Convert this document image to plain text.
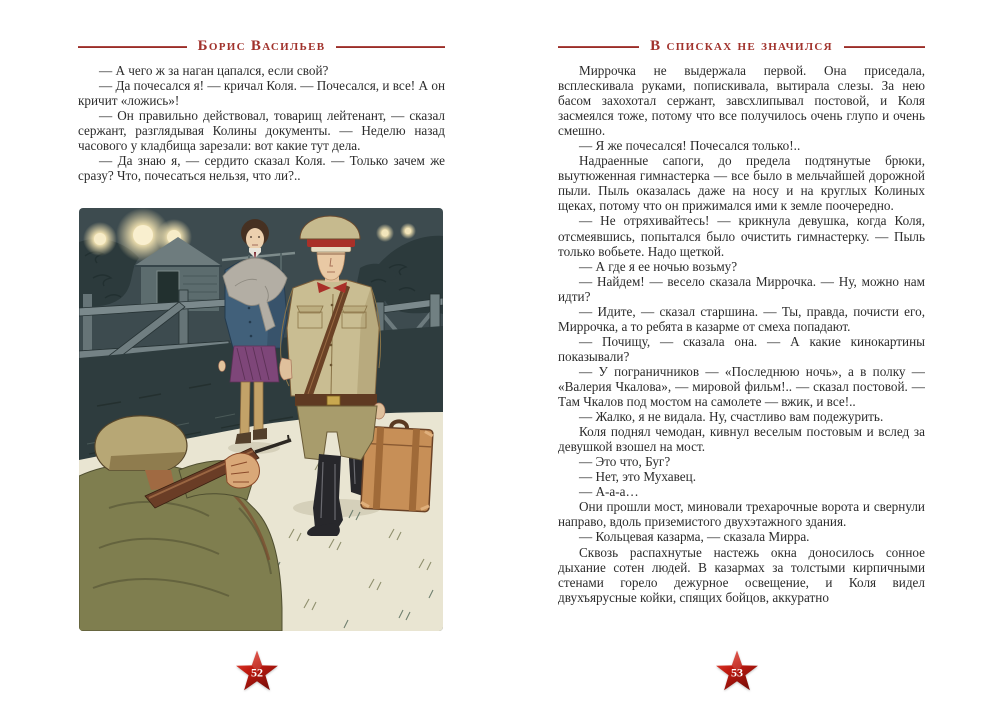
Борис Васильев	В списках не значился

— А чего ж за наган цапался, если свой?

— Да почесался я! — кричал Коля. — Почесался, и все! А он кричит «ложись»!

— Он правильно действовал, товарищ лейтенант, — сказал сержант, разглядывая Колины документы. — Неделю назад часового у кладбища зарезали: вот какие тут дела.

— Да знаю я, — сердито сказал Коля. — Только зачем же сразу? Что, почесаться нельзя, что ли?..

Миррочка не выдержала первой. Она приседала, всплескивала руками, попискивала, вытирала слезы. За нею басом захохотал сержант, завсхлипывал постовой, и Коля засмеялся тоже, потому что все получилось очень глупо и очень смешно.

— Я же почесался! Почесался только!..

Надраенные сапоги, до предела подтянутые брюки, выутюженная гимнастерка — все было в мельчайшей дорожной пыли. Пыль оказалась даже на носу и на круглых Колиных щеках, потому что он прижимался ими к земле поочередно.

— Не отряхивайтесь! — крикнула девушка, когда Коля, отсмеявшись, попытался было очистить гимнастерку. — Пыль только вобьете. Надо щеткой.

— А где я ее ночью возьму?

— Найдем! — весело сказала Миррочка. — Ну, можно нам идти?

— Идите, — сказал старшина. — Ты, правда, почисти его, Миррочка, а то ребята в казарме от смеха попадают.

— Почищу, — сказала она. — А какие кинокартины показывали?

— У пограничников — «Последнюю ночь», а в полку — «Валерия Чкалова», — мировой фильм!.. — сказал постовой. — Там Чкалов под мостом на самолете — вжик, и все!..

— Жалко, я не видала. Ну, счастливо вам подежурить.

Коля поднял чемодан, кивнул веселым постовым и вслед за девушкой взошел на мост.

— Это что, Буг?

— Нет, это Мухавец.

— А-а-а…

Они прошли мост, миновали трехарочные ворота и свернули направо, вдоль приземистого двухэтажного здания.

— Кольцевая казарма, — сказала Мирра.

Сквозь распахнутые настежь окна доносилось сонное дыхание сотен людей. В казармах за толстыми кирпичными стенами горело дежурное освещение, и Коля видел двухъярусные койки, спящих бойцов, аккуратно

52	53
